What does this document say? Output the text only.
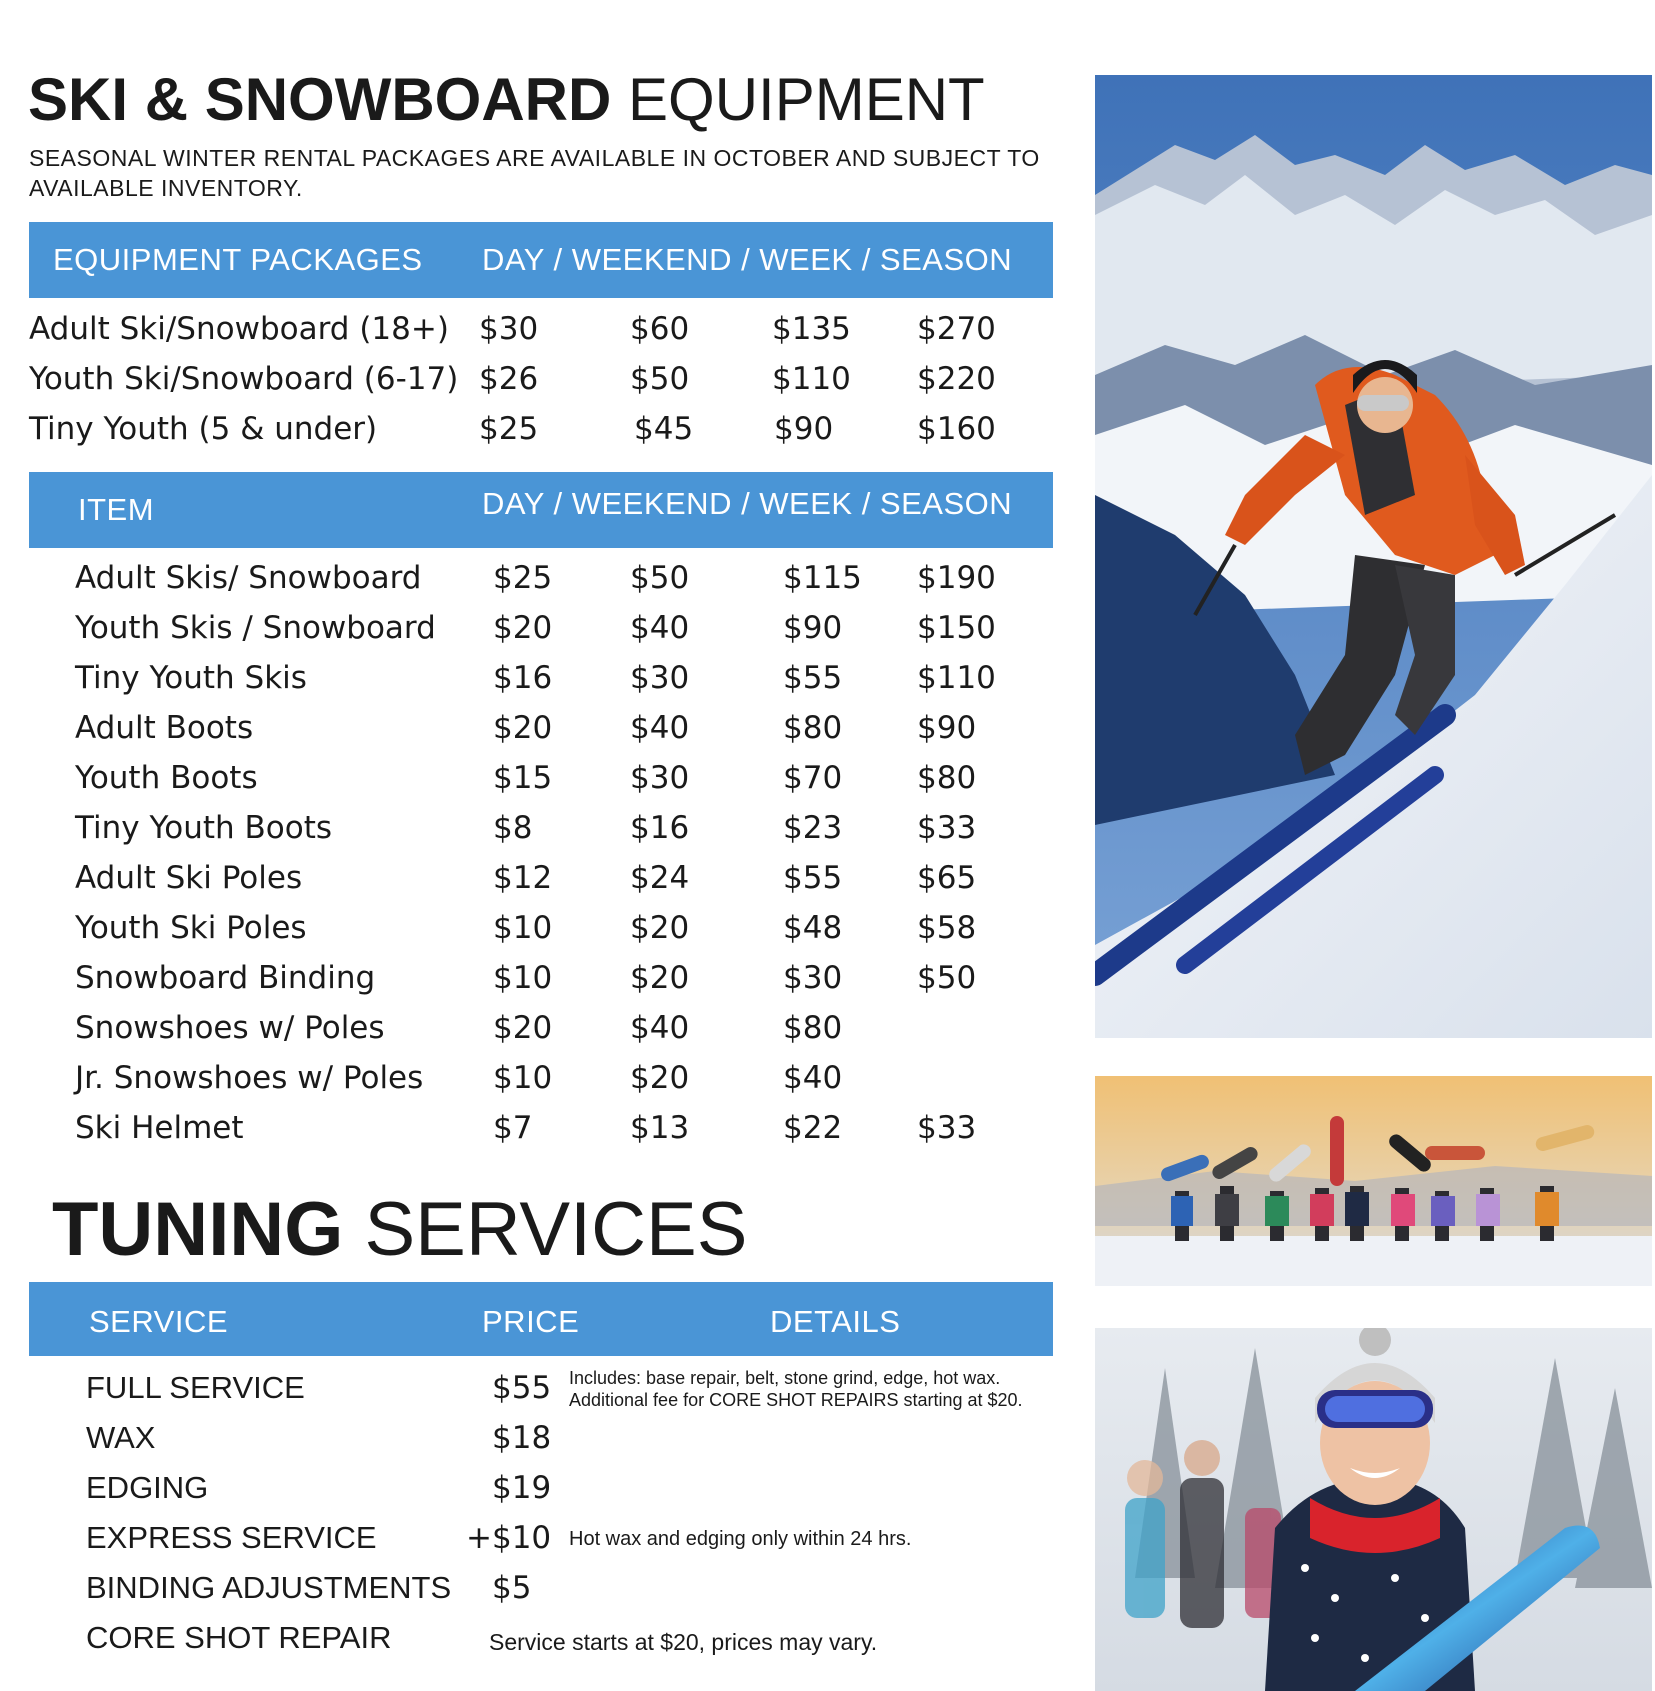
SKI & SNOWBOARD EQUIPMENT
SEASONAL WINTER RENTAL PACKAGES ARE AVAILABLE IN OCTOBER AND SUBJECT TO
AVAILABLE INVENTORY.
EQUIPMENT PACKAGES DAY / WEEKEND / WEEK / SEASON
Adult Ski/Snowboard (18+) $30	$60	$135 $270
Youth Ski/Snowboard (6-17) $26	$50	$110 $220
Tiny Youth (5 & under)	$25	$45	$90	$160
ITEM	DAY / WEEKEND / WEEK / SEASON
Adult Skis/ Snowboard $25	$50	$115 $190
Youth Skis / Snowboard $20	$40	$90 $150
Tiny Youth Skis	$16	$30	$55 $110
Adult Boots	$20	$40	$80 $90
Youth Boots	$15	$30	$70 $80
Tiny Youth Boots	$8	$16	$23 $33
Adult Ski Poles	$12	$24	$55 $65
Youth Ski Poles	$10	$20	$48 $58
Snowboard Binding	$10	$20	$30 $50
Snowshoes w/ Poles	$20	$40	$80
Jr. Snowshoes w/ Poles $10	$20	$40
Ski Helmet	$7	$13	$22 $33
TUNING SERVICES
SERVICE	PRICE	DETAILS
FULL SERVICE	$55 Includes: base repair, belt, stone grind, edge, hot wax.
Additional fee for CORE SHOT REPAIRS starting at $20.
WAX	$18
EDGING	$19
EXPRESS SERVICE	+$10 Hot wax and edging only within 24 hrs.
BINDING ADJUSTMENTS $5
CORE SHOT REPAIR	Service starts at $20, prices may vary.
